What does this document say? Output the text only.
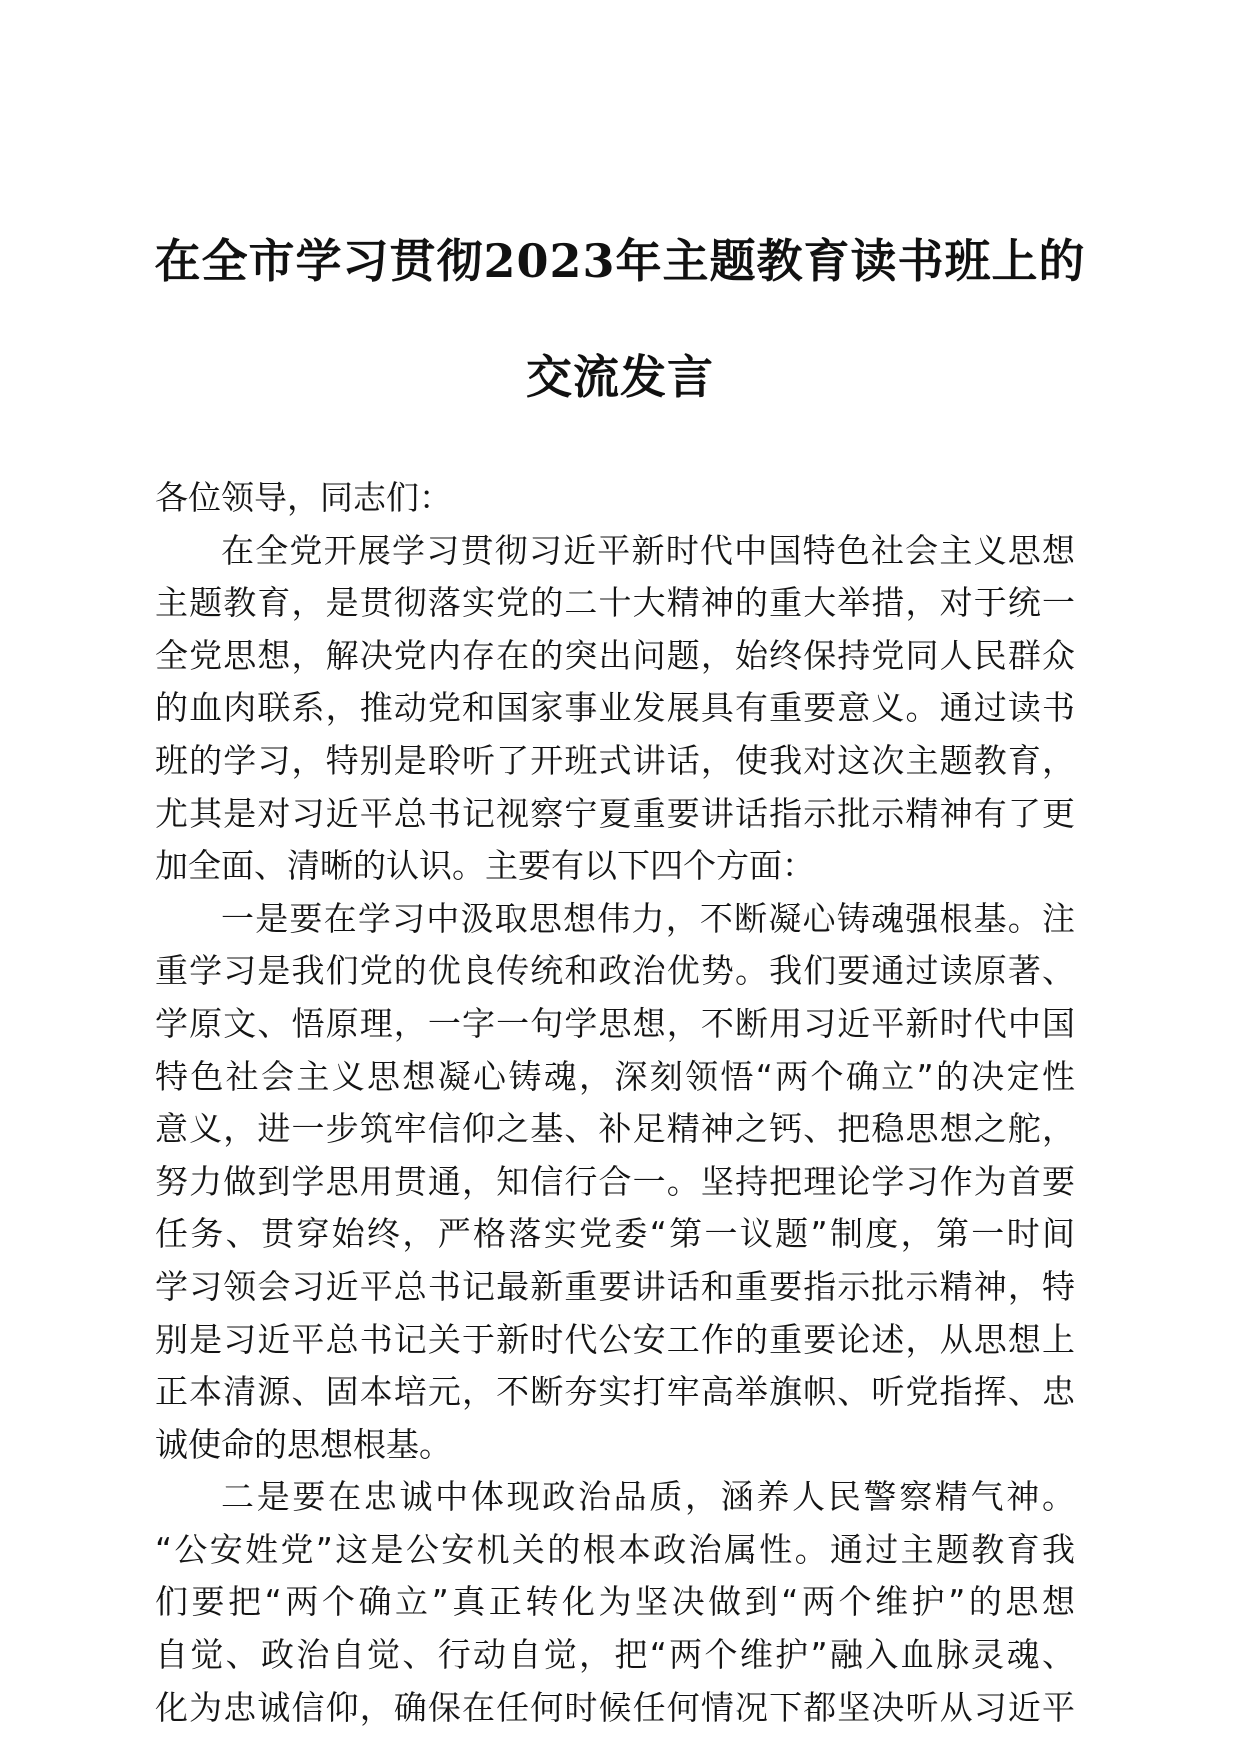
在全市学习贯彻2023年主题教育读书班上的
交流发言
各位领导，同志们：
在全党开展学习贯彻习近平新时代中国特色社会主义思想
主题教育，是贯彻落实党的二十大精神的重大举措，对于统一
全党思想，解决党内存在的突出问题，始终保持党同人民群众
的血肉联系，推动党和国家事业发展具有重要意义。通过读书
班的学习，特别是聆听了开班式讲话，使我对这次主题教育，
尤其是对习近平总书记视察宁夏重要讲话指示批示精神有了更
加全面、清晰的认识。主要有以下四个方面：
一是要在学习中汲取思想伟力，不断凝心铸魂强根基。注
重学习是我们党的优良传统和政治优势。我们要通过读原著、
学原文、悟原理，一字一句学思想，不断用习近平新时代中国
特色社会主义思想凝心铸魂，深刻领悟“两个确立”的决定性
意义，进一步筑牢信仰之基、补足精神之钙、把稳思想之舵，
努力做到学思用贯通，知信行合一。坚持把理论学习作为首要
任务、贯穿始终，严格落实党委“第一议题”制度，第一时间
学习领会习近平总书记最新重要讲话和重要指示批示精神，特
别是习近平总书记关于新时代公安工作的重要论述，从思想上
正本清源、固本培元，不断夯实打牢高举旗帜、听党指挥、忠
诚使命的思想根基。
二是要在忠诚中体现政治品质，涵养人民警察精气神。
“公安姓党”这是公安机关的根本政治属性。通过主题教育我
们要把“两个确立”真正转化为坚决做到“两个维护”的思想
自觉、政治自觉、行动自觉，把“两个维护”融入血脉灵魂、
化为忠诚信仰，确保在任何时候任何情况下都坚决听从习近平
